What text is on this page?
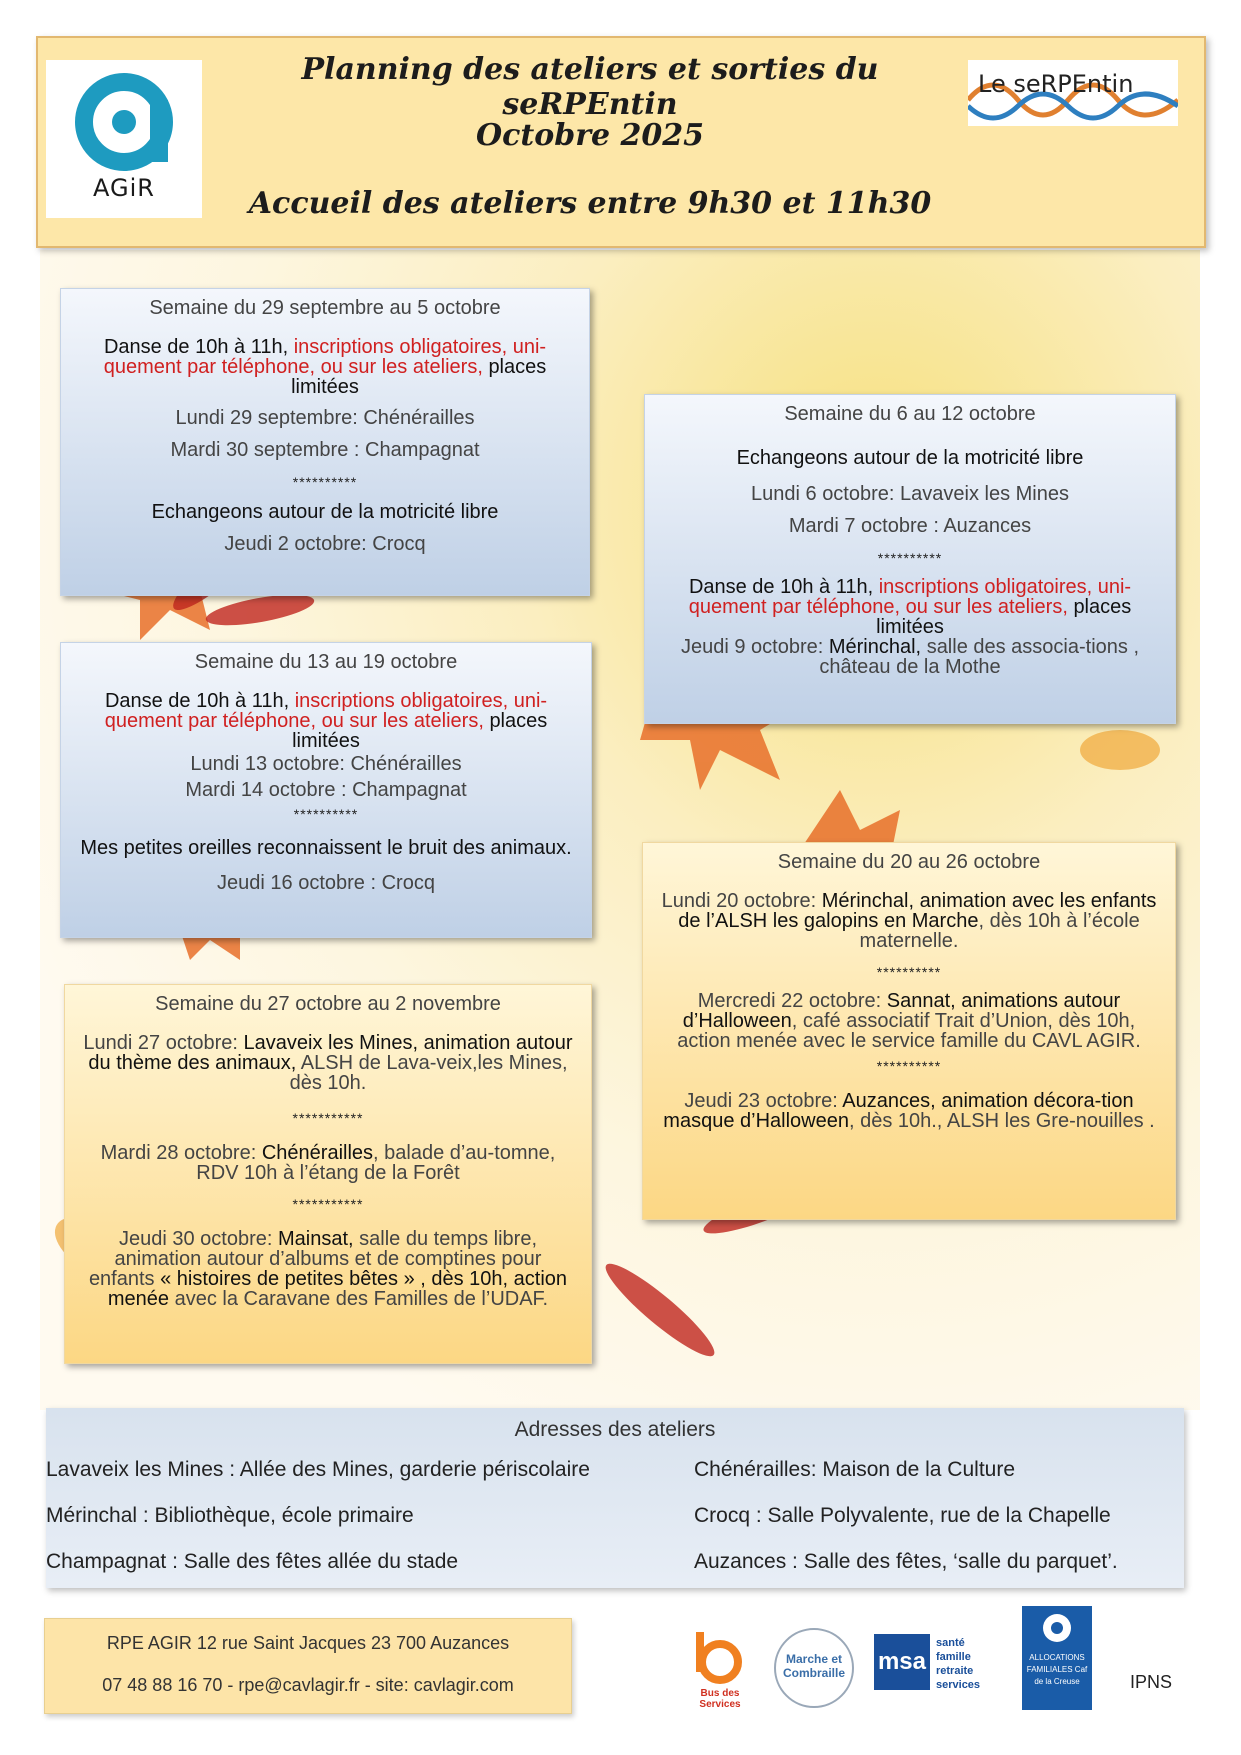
AGiR
Planning des ateliers et sorties du seRPEntin
Octobre 2025
Accueil des ateliers entre 9h30 et 11h30
Le seRPEntin
Semaine du 29 septembre au 5 octobre

Danse de 10h à 11h, inscriptions obligatoires, uni-quement par téléphone, ou sur les ateliers, places limitées

Lundi 29 septembre: Chénérailles

Mardi 30 septembre : Champagnat

**********

Echangeons autour de la motricité libre

Jeudi 2 octobre: Crocq

Semaine du 6 au 12 octobre

Echangeons autour de la motricité libre

Lundi 6 octobre: Lavaveix les Mines

Mardi 7 octobre : Auzances

**********

Danse de 10h à 11h, inscriptions obligatoires, uni-quement par téléphone, ou sur les ateliers, places limitées

Jeudi 9 octobre: Mérinchal, salle des associa-tions , château de la Mothe

Semaine du 13 au 19 octobre

Danse de 10h à 11h, inscriptions obligatoires, uni-quement par téléphone, ou sur les ateliers, places limitées

Lundi 13 octobre: Chénérailles

Mardi 14 octobre : Champagnat

**********

Mes petites oreilles reconnaissent le bruit des animaux.

Jeudi 16 octobre : Crocq

Semaine du 20 au 26 octobre

Lundi 20 octobre: Mérinchal, animation avec les enfants de l’ALSH les galopins en Marche, dès 10h à l’école maternelle.

**********

Mercredi 22 octobre: Sannat, animations autour d’Halloween, café associatif Trait d’Union, dès 10h, action menée avec le service famille du CAVL AGIR.

**********

Jeudi 23 octobre: Auzances, animation décora-tion masque d’Halloween, dès 10h., ALSH les Gre-nouilles .

Semaine du 27 octobre au 2 novembre

Lundi 27 octobre: Lavaveix les Mines, animation autour du thème des animaux, ALSH de Lava-veix,les Mines, dès 10h.

***********

Mardi 28 octobre: Chénérailles, balade d’au-tomne, RDV 10h à l’étang de la Forêt

***********

Jeudi 30 octobre: Mainsat, salle du temps libre, animation autour d’albums et de comptines pour enfants « histoires de petites bêtes » , dès 10h, action menée avec la Caravane des Familles de l’UDAF.

Adresses des ateliers
Lavaveix les Mines : Allée des Mines, garderie périscolaire
Mérinchal : Bibliothèque, école primaire
Champagnat : Salle des fêtes allée du stade
Chénérailles: Maison de la Culture
Crocq : Salle Polyvalente, rue de la Chapelle
Auzances : Salle des fêtes, ‘salle du parquet’.
RPE AGIR 12 rue Saint Jacques 23 700 Auzances
07 48 88 16 70 - rpe@cavlagir.fr - site: cavlagir.com	Bus des Services
Marche et Combraille msa
santé famille retraite services
ALLOCATIONS FAMILIALES Caf de la Creuse	IPNS
